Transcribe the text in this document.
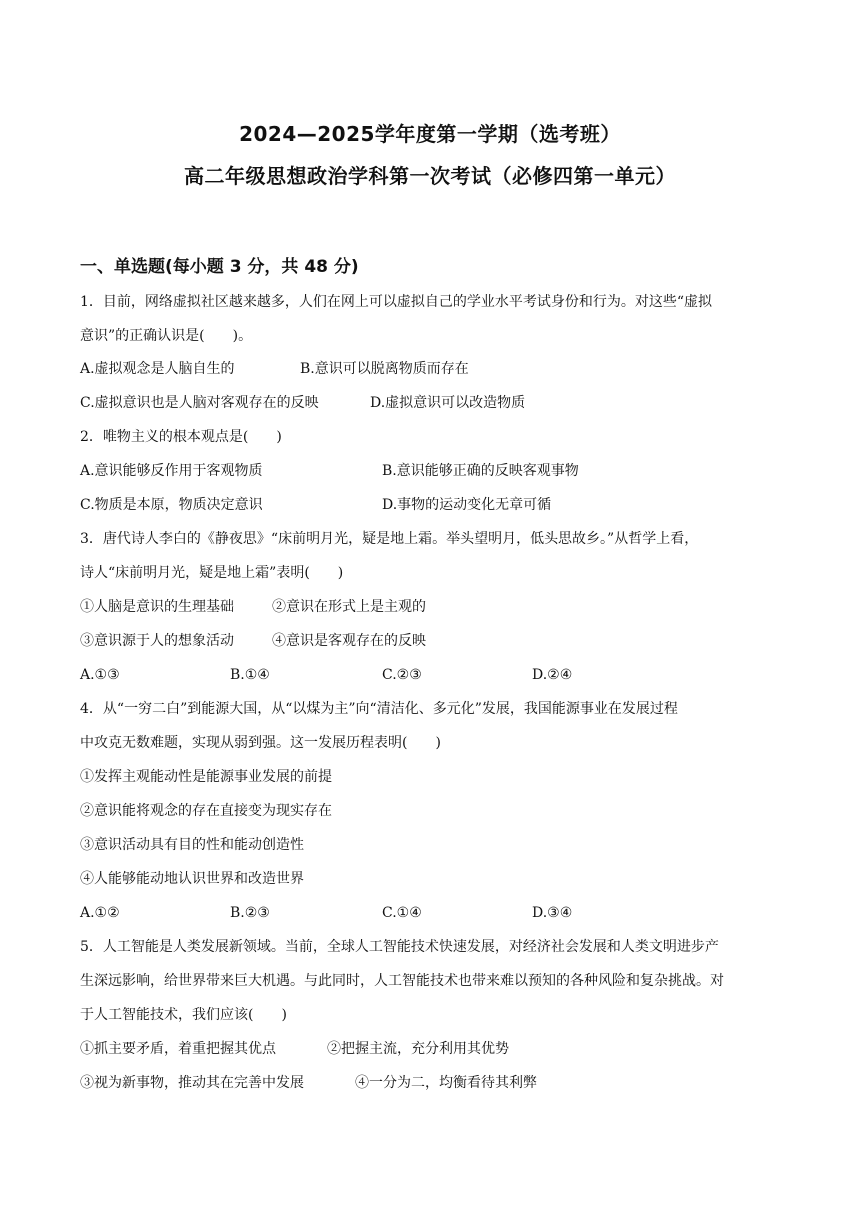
2024—2025学年度第一学期（选考班）
高二年级思想政治学科第一次考试（必修四第一单元）
一、单选题(每小题 3 分，共 48 分)
1．目前，网络虚拟社区越来越多，人们在网上可以虚拟自己的学业水平考试身份和行为。对这些“虚拟
意识”的正确认识是(　　)。
A.虚拟观念是人脑自生的	B.意识可以脱离物质而存在
C.虚拟意识也是人脑对客观存在的反映	D.虚拟意识可以改造物质
2．唯物主义的根本观点是(　　)
A.意识能够反作用于客观物质	B.意识能够正确的反映客观事物
C.物质是本原，物质决定意识	D.事物的运动变化无章可循
3．唐代诗人李白的《静夜思》“床前明月光，疑是地上霜。举头望明月，低头思故乡。”从哲学上看，
诗人“床前明月光，疑是地上霜”表明(　　)
①人脑是意识的生理基础	②意识在形式上是主观的
③意识源于人的想象活动	④意识是客观存在的反映
A.①③	B.①④	C.②③	D.②④
4．从“一穷二白”到能源大国，从“以煤为主”向“清洁化、多元化”发展，我国能源事业在发展过程
中攻克无数难题，实现从弱到强。这一发展历程表明(　　)
①发挥主观能动性是能源事业发展的前提
②意识能将观念的存在直接变为现实存在
③意识活动具有目的性和能动创造性
④人能够能动地认识世界和改造世界
A.①②	B.②③	C.①④	D.③④
5．人工智能是人类发展新领域。当前，全球人工智能技术快速发展，对经济社会发展和人类文明进步产
生深远影响，给世界带来巨大机遇。与此同时，人工智能技术也带来难以预知的各种风险和复杂挑战。对
于人工智能技术，我们应该(　　)
①抓主要矛盾，着重把握其优点	②把握主流，充分利用其优势
③视为新事物，推动其在完善中发展	④一分为二，均衡看待其利弊
